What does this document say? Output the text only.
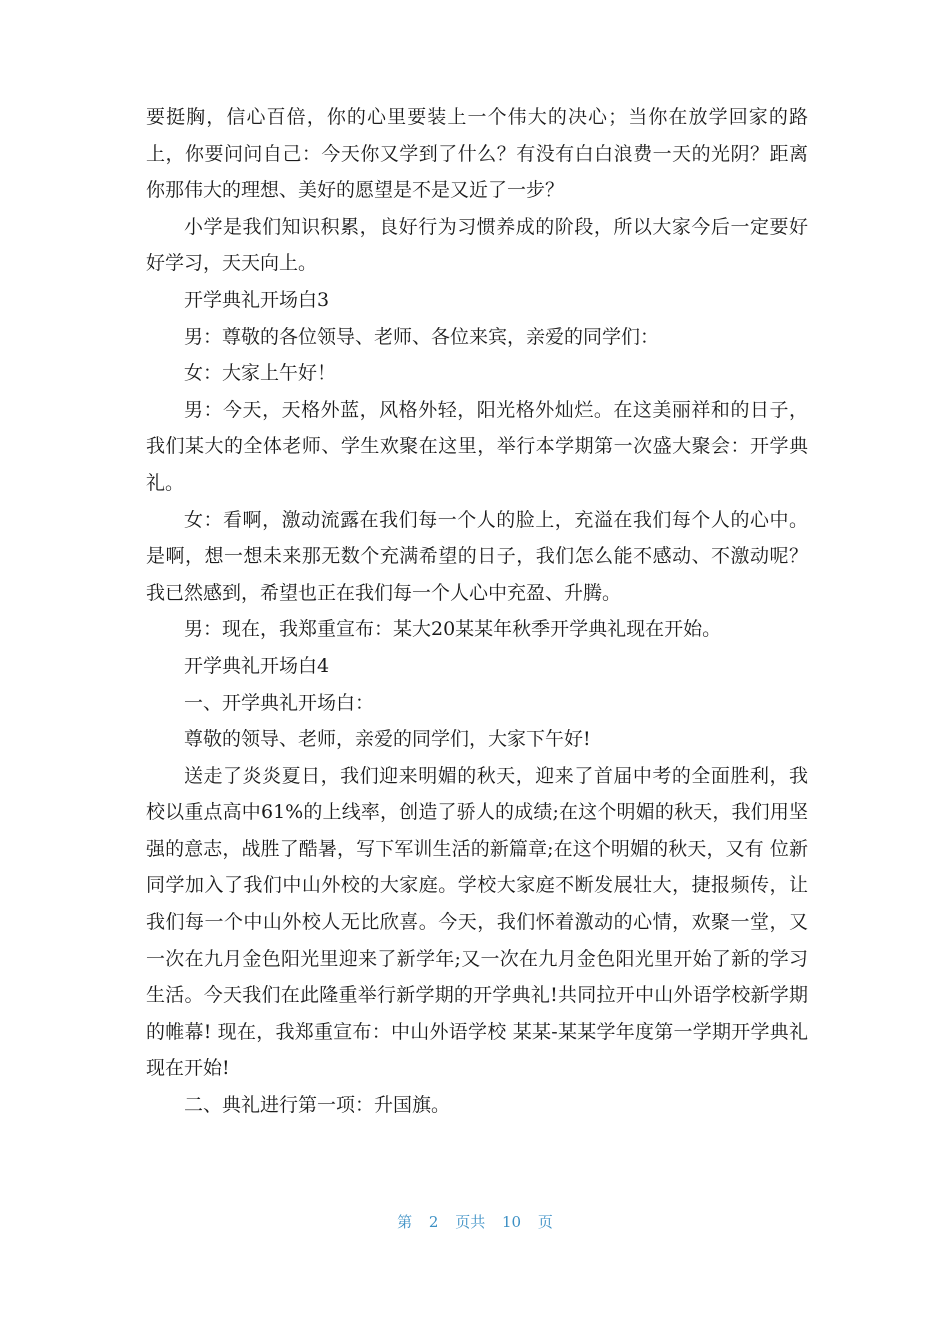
要挺胸，信心百倍，你的心里要装上一个伟大的决心；当你在放学回家的路上，你要问问自己：今天你又学到了什么？有没有白白浪费一天的光阴？距离你那伟大的理想、美好的愿望是不是又近了一步？

小学是我们知识积累，良好行为习惯养成的阶段，所以大家今后一定要好好学习，天天向上。

开学典礼开场白3

男：尊敬的各位领导、老师、各位来宾，亲爱的同学们：

女：大家上午好！

男：今天，天格外蓝，风格外轻，阳光格外灿烂。在这美丽祥和的日子，我们某大的全体老师、学生欢聚在这里，举行本学期第一次盛大聚会：开学典礼。

女：看啊，激动流露在我们每一个人的脸上，充溢在我们每个人的心中。是啊，想一想未来那无数个充满希望的日子，我们怎么能不感动、不激动呢？我已然感到，希望也正在我们每一个人心中充盈、升腾。

男：现在，我郑重宣布：某大20某某年秋季开学典礼现在开始。

开学典礼开场白4

一、开学典礼开场白：

尊敬的领导、老师，亲爱的同学们，大家下午好!

送走了炎炎夏日，我们迎来明媚的秋天，迎来了首届中考的全面胜利，我校以重点高中61%的上线率，创造了骄人的成绩;在这个明媚的秋天，我们用坚强的意志，战胜了酷暑，写下军训生活的新篇章;在这个明媚的秋天，又有 位新同学加入了我们中山外校的大家庭。学校大家庭不断发展壮大，捷报频传，让我们每一个中山外校人无比欣喜。今天，我们怀着激动的心情，欢聚一堂，又一次在九月金色阳光里迎来了新学年;又一次在九月金色阳光里开始了新的学习生活。今天我们在此隆重举行新学期的开学典礼!共同拉开中山外语学校新学期的帷幕! 现在，我郑重宣布：中山外语学校 某某-某某学年度第一学期开学典礼现在开始!

二、典礼进行第一项：升国旗。

第 2 页共 10 页
